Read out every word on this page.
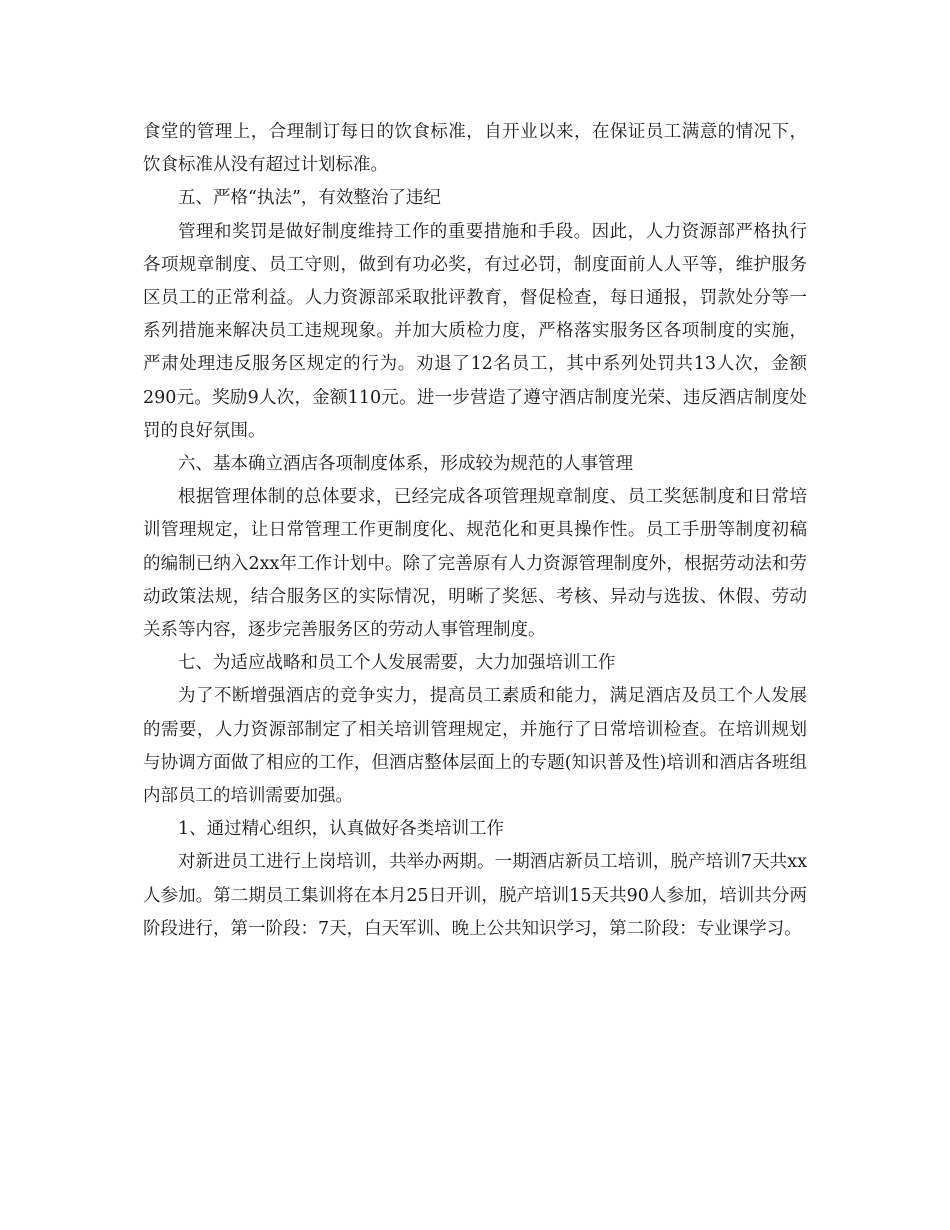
食堂的管理上，合理制订每日的饮食标准，自开业以来，在保证员工满意的情况下，饮食标准从没有超过计划标准。

五、严格“执法”，有效整治了违纪

管理和奖罚是做好制度维持工作的重要措施和手段。因此，人力资源部严格执行各项规章制度、员工守则，做到有功必奖，有过必罚，制度面前人人平等，维护服务区员工的正常利益。人力资源部采取批评教育，督促检查，每日通报，罚款处分等一系列措施来解决员工违规现象。并加大质检力度，严格落实服务区各项制度的实施，严肃处理违反服务区规定的行为。劝退了12名员工，其中系列处罚共13人次，金额290元。奖励9人次，金额110元。进一步营造了遵守酒店制度光荣、违反酒店制度处罚的良好氛围。

六、基本确立酒店各项制度体系，形成较为规范的人事管理

根据管理体制的总体要求，已经完成各项管理规章制度、员工奖惩制度和日常培训管理规定，让日常管理工作更制度化、规范化和更具操作性。员工手册等制度初稿的编制已纳入2xx年工作计划中。除了完善原有人力资源管理制度外，根据劳动法和劳动政策法规，结合服务区的实际情况，明晰了奖惩、考核、异动与选拔、休假、劳动关系等内容，逐步完善服务区的劳动人事管理制度。

七、为适应战略和员工个人发展需要，大力加强培训工作

为了不断增强酒店的竞争实力，提高员工素质和能力，满足酒店及员工个人发展的需要，人力资源部制定了相关培训管理规定，并施行了日常培训检查。在培训规划与协调方面做了相应的工作，但酒店整体层面上的专题(知识普及性)培训和酒店各班组内部员工的培训需要加强。

1、通过精心组织，认真做好各类培训工作

对新进员工进行上岗培训，共举办两期。一期酒店新员工培训，脱产培训7天共xx人参加。第二期员工集训将在本月25日开训，脱产培训15天共90人参加，培训共分两阶段进行，第一阶段：7天，白天军训、晚上公共知识学习，第二阶段：专业课学习。
